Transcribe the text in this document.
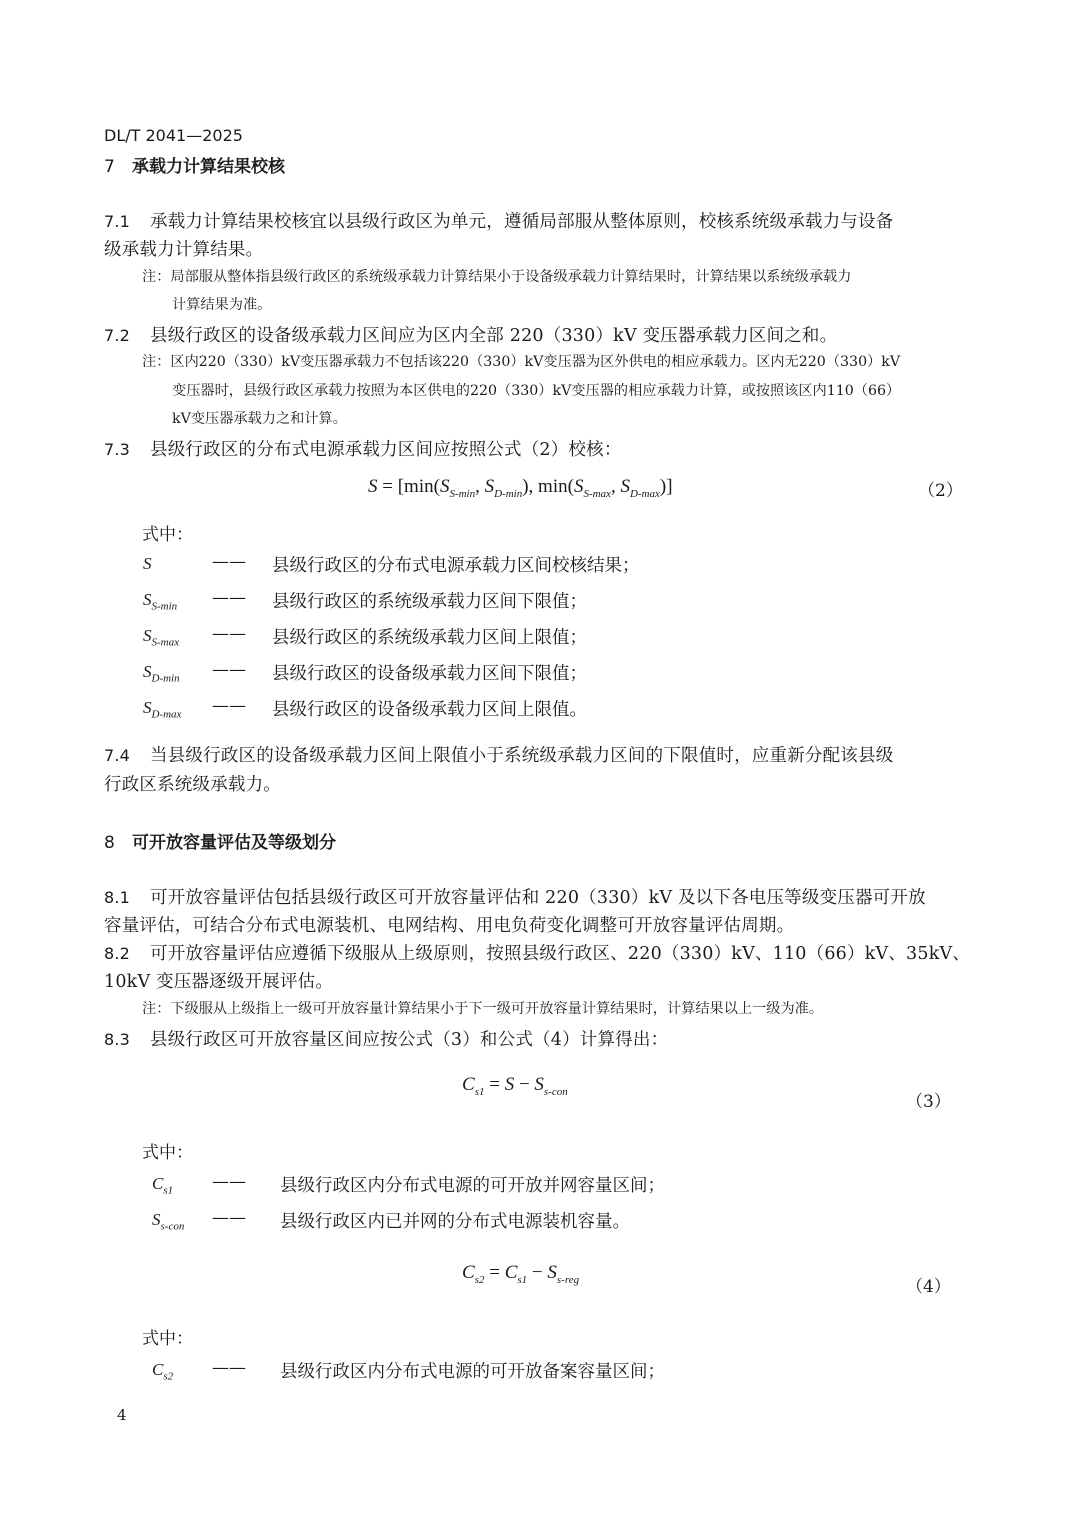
DL/T 2041—2025
7 承载力计算结果校核
7.1 承载力计算结果校核宜以县级行政区为单元，遵循局部服从整体原则，校核系统级承载力与设备
级承载力计算结果。
注：局部服从整体指县级行政区的系统级承载力计算结果小于设备级承载力计算结果时，计算结果以系统级承载力
计算结果为准。
7.2 县级行政区的设备级承载力区间应为区内全部 220（330）kV 变压器承载力区间之和。
注：区内220（330）kV变压器承载力不包括该220（330）kV变压器为区外供电的相应承载力。区内无220（330）kV
变压器时，县级行政区承载力按照为本区供电的220（330）kV变压器的相应承载力计算，或按照该区内110（66）
kV变压器承载力之和计算。
7.3 县级行政区的分布式电源承载力区间应按照公式（2）校核：
$S = [\min(S_{S-min}$, $S_{D-min}$), $\min(S_{S-max}$, $S_{D-max}$)]	（2）
式中：
S	—— 县级行政区的分布式电源承载力区间校核结果；
$S_{S-min}$ —— 县级行政区的系统级承载力区间下限值；
$S_{S-max}$ —— 县级行政区的系统级承载力区间上限值；
$S_{D-min}$ —— 县级行政区的设备级承载力区间下限值；
$S_{D-max}$ —— 县级行政区的设备级承载力区间上限值。
7.4 当县级行政区的设备级承载力区间上限值小于系统级承载力区间的下限值时，应重新分配该县级
行政区系统级承载力。
8 可开放容量评估及等级划分
8.1 可开放容量评估包括县级行政区可开放容量评估和 220（330）kV 及以下各电压等级变压器可开放
容量评估，可结合分布式电源装机、电网结构、用电负荷变化调整可开放容量评估周期。
8.2 可开放容量评估应遵循下级服从上级原则，按照县级行政区、220（330）kV、110（66）kV、35kV、
10kV 变压器逐级开展评估。
注：下级服从上级指上一级可开放容量计算结果小于下一级可开放容量计算结果时，计算结果以上一级为准。
8.3 县级行政区可开放容量区间应按公式（3）和公式（4）计算得出：
$C_{s1} = S - S_{s-con}$
（3）
式中：
$C_{s1}$ —— 县级行政区内分布式电源的可开放并网容量区间；
$S_{s-con}$ —— 县级行政区内已并网的分布式电源装机容量。
$C_{s2} = C_{s1} - S_{s-reg}$	（4）
式中：
$C_{s2}$ —— 县级行政区内分布式电源的可开放备案容量区间；
4
